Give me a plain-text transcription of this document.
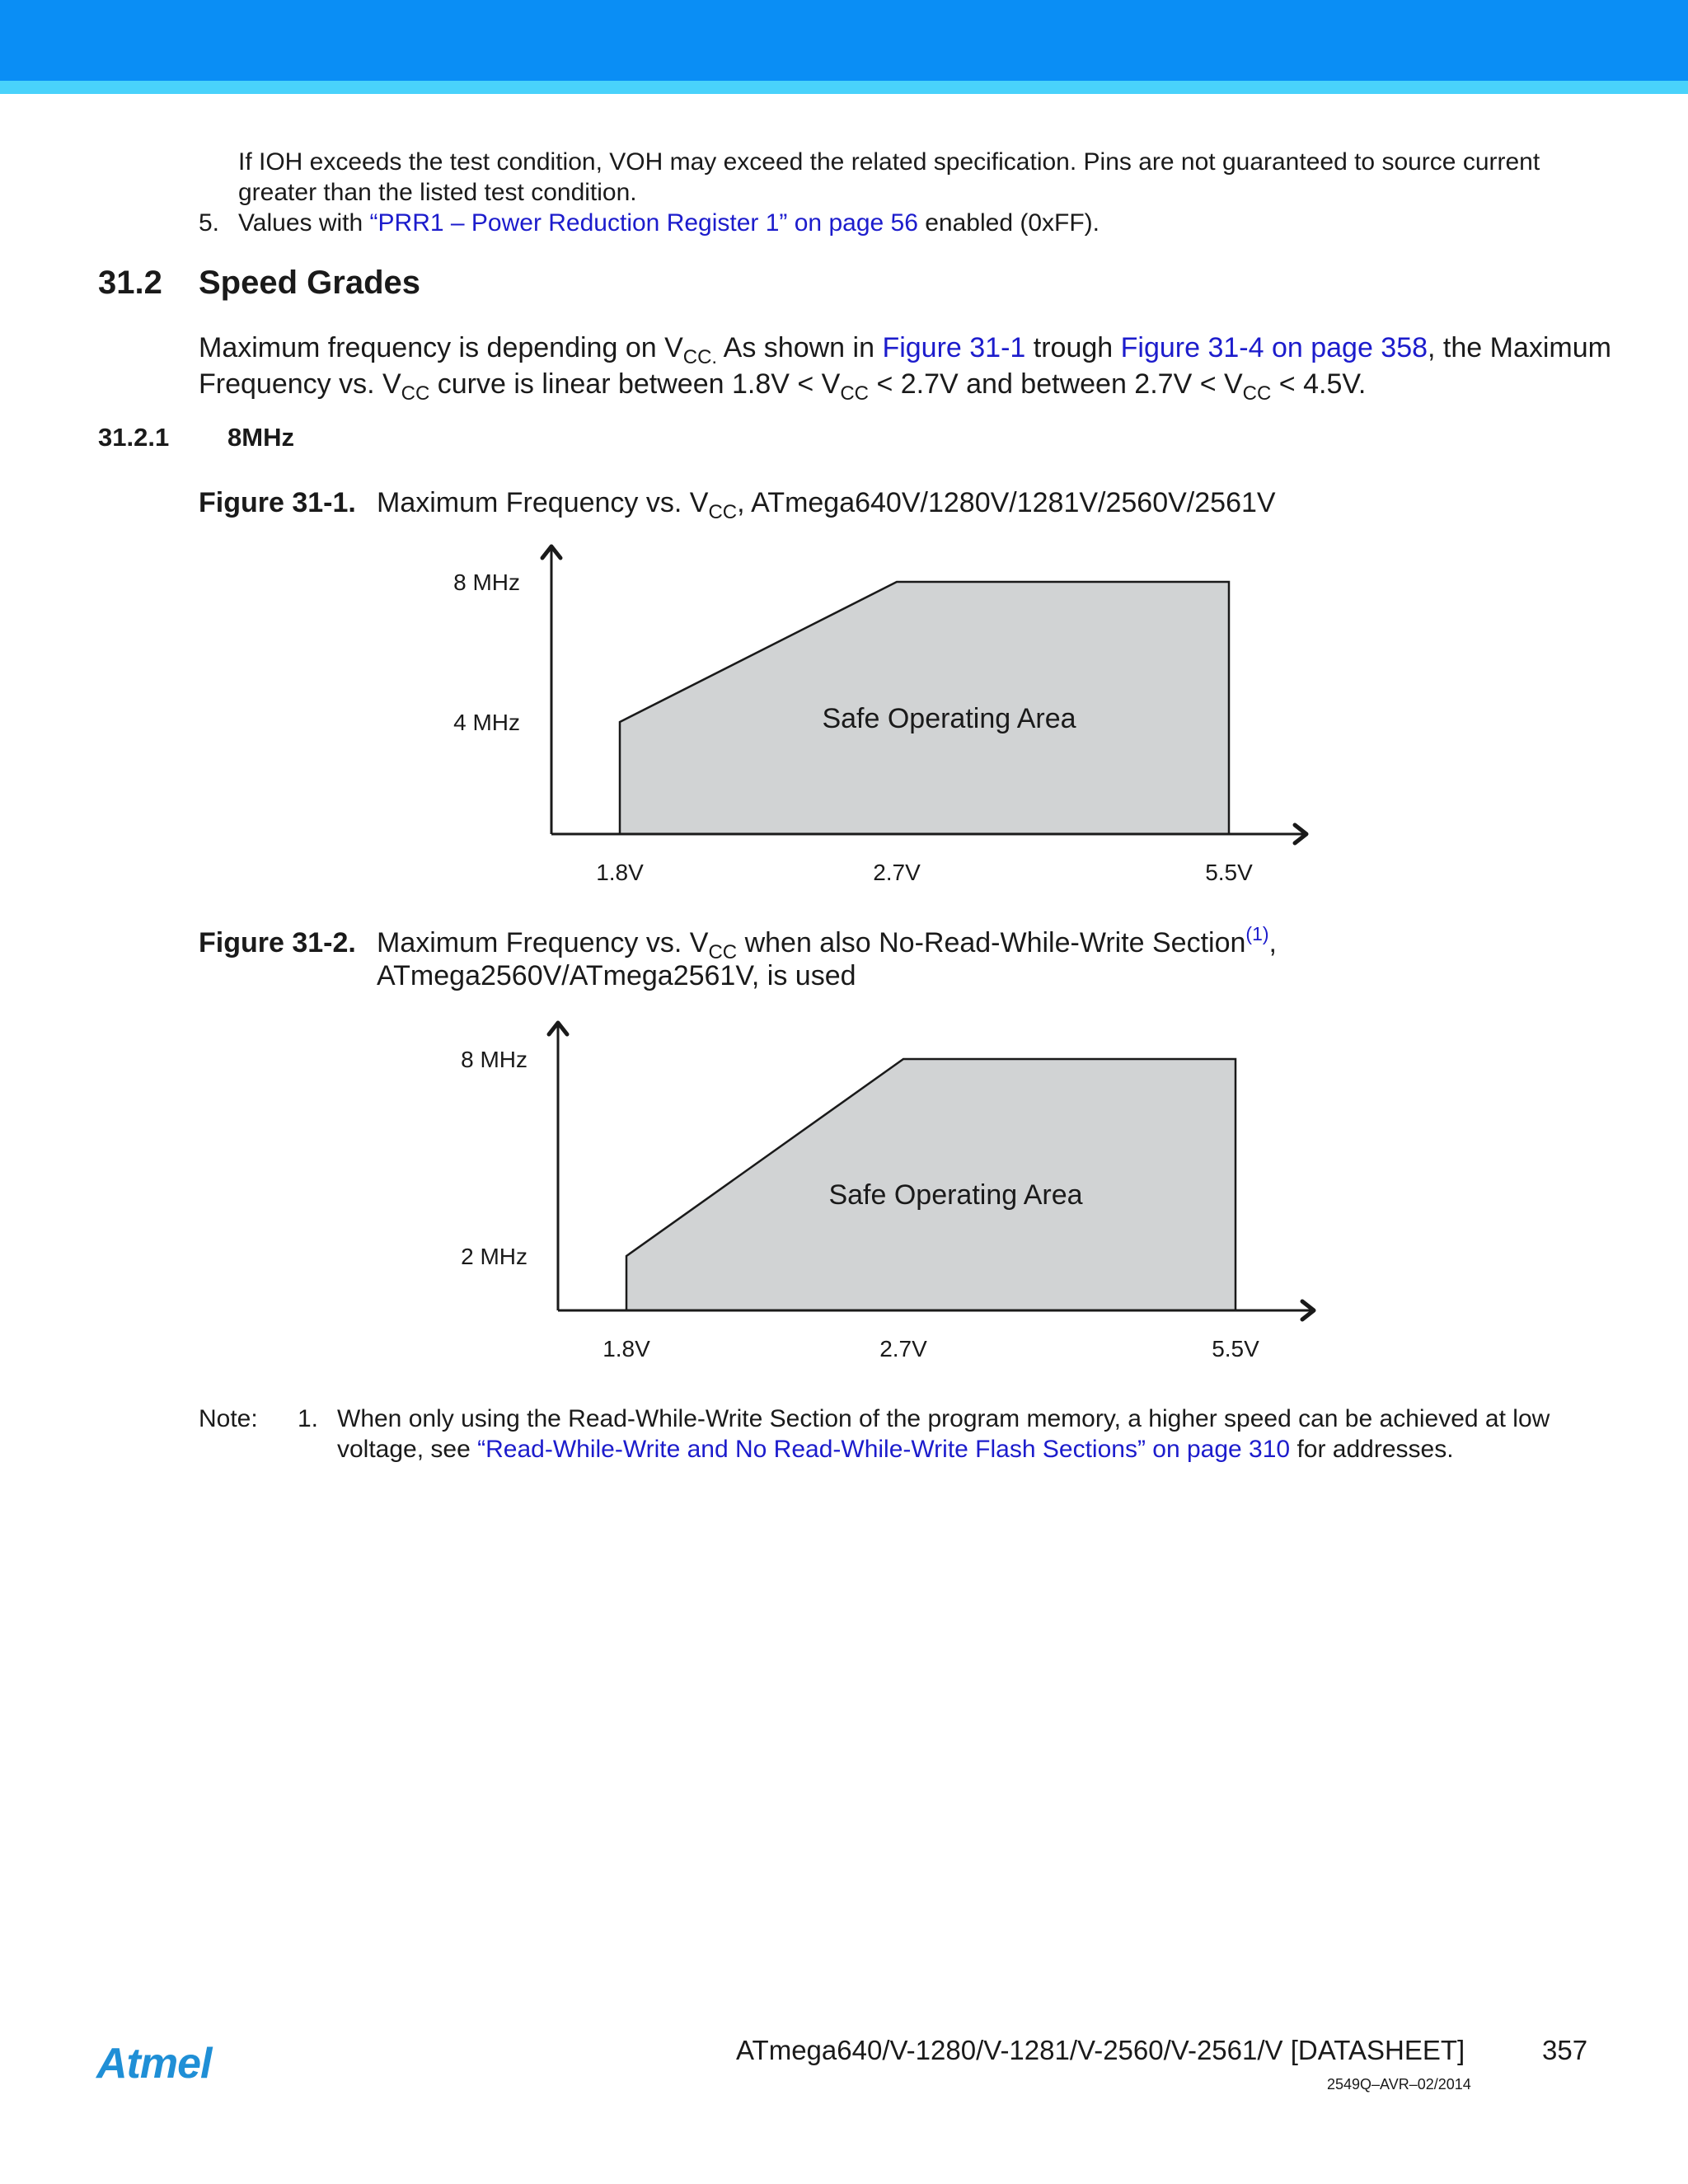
If IOH exceeds the test condition, VOH may exceed the related specification. Pins are not guaranteed to source current
greater than the listed test condition.
5. Values with “PRR1 – Power Reduction Register 1” on page 56 enabled (0xFF).
31.2 Speed Grades
Maximum frequency is depending on $V_{CC.}$ As shown in Figure 31-1 trough Figure 31-4 on page 358, the Maximum
Frequency vs. $V_{CC}$ curve is linear between $1.8V < V_{CC} < 2.7V$ and between $2.7V < V_{CC} < 4.5V$.
31.2.1 8MHz
Figure 31-1. Maximum Frequency vs. $V_{CC}$, ATmega640V/1280V/1281V/2560V/2561V
Safe Operating Area
1.8V	2.7V	5.5V
8 MHz
4 MHz
Safe Operating Area
1.8V	2.7V	5.5V
8 MHz
2 MHz
Figure 31-2. Maximum Frequency vs. $V_{CC}$ when also No-Read-While-Write Section$^{(1)}$,
ATmega2560V/ATmega2561V, is used
Note: 1. When only using the Read-While-Write Section of the program memory, a higher speed can be achieved at low
voltage, see “Read-While-Write and No Read-While-Write Flash Sections” on page 310 for addresses.
Atmel	ATmega640/V-1280/V-1281/V-2560/V-2561/V [DATASHEET]	357
2549Q–AVR–02/2014
